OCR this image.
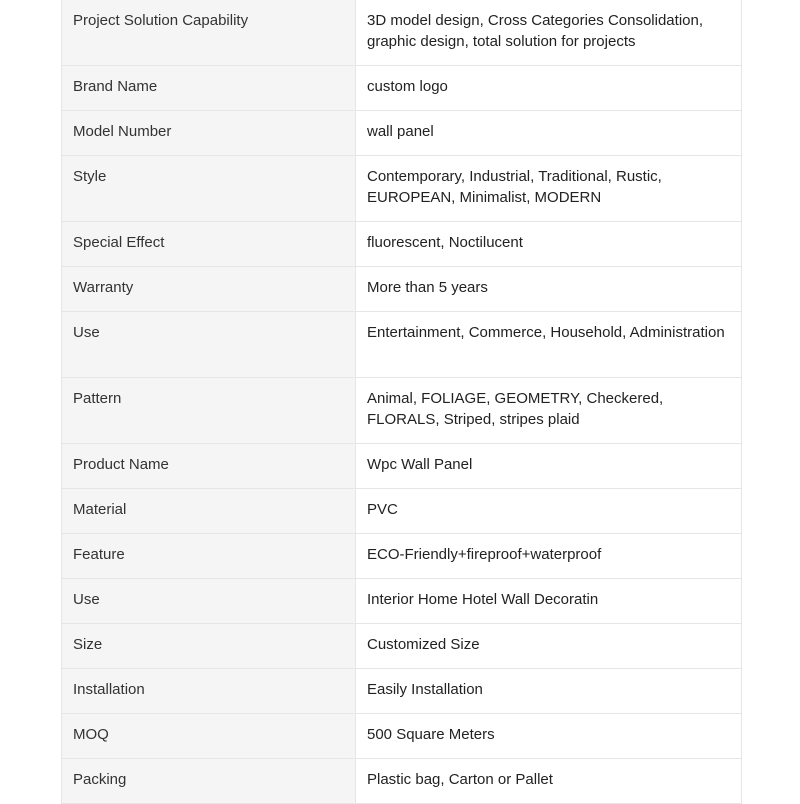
Project Solution Capability	3D model design, Cross Categories Consolidation, graphic design, total solution for projects

Brand Name	custom logo

Model Number	wall panel

Style	Contemporary, Industrial, Traditional, Rustic, EUROPEAN, Minimalist, MODERN

Special Effect	fluorescent, Noctilucent

Warranty	More than 5 years

Use	Entertainment, Commerce, Household, Administration

Pattern	Animal, FOLIAGE, GEOMETRY, Checkered, FLORALS, Striped, stripes plaid

Product Name	Wpc Wall Panel

Material	PVC

Feature	ECO-Friendly+fireproof+waterproof

Use	Interior Home Hotel Wall Decoratin

Size	Customized Size

Installation	Easily Installation

MOQ	500 Square Meters

Packing	Plastic bag, Carton or Pallet
